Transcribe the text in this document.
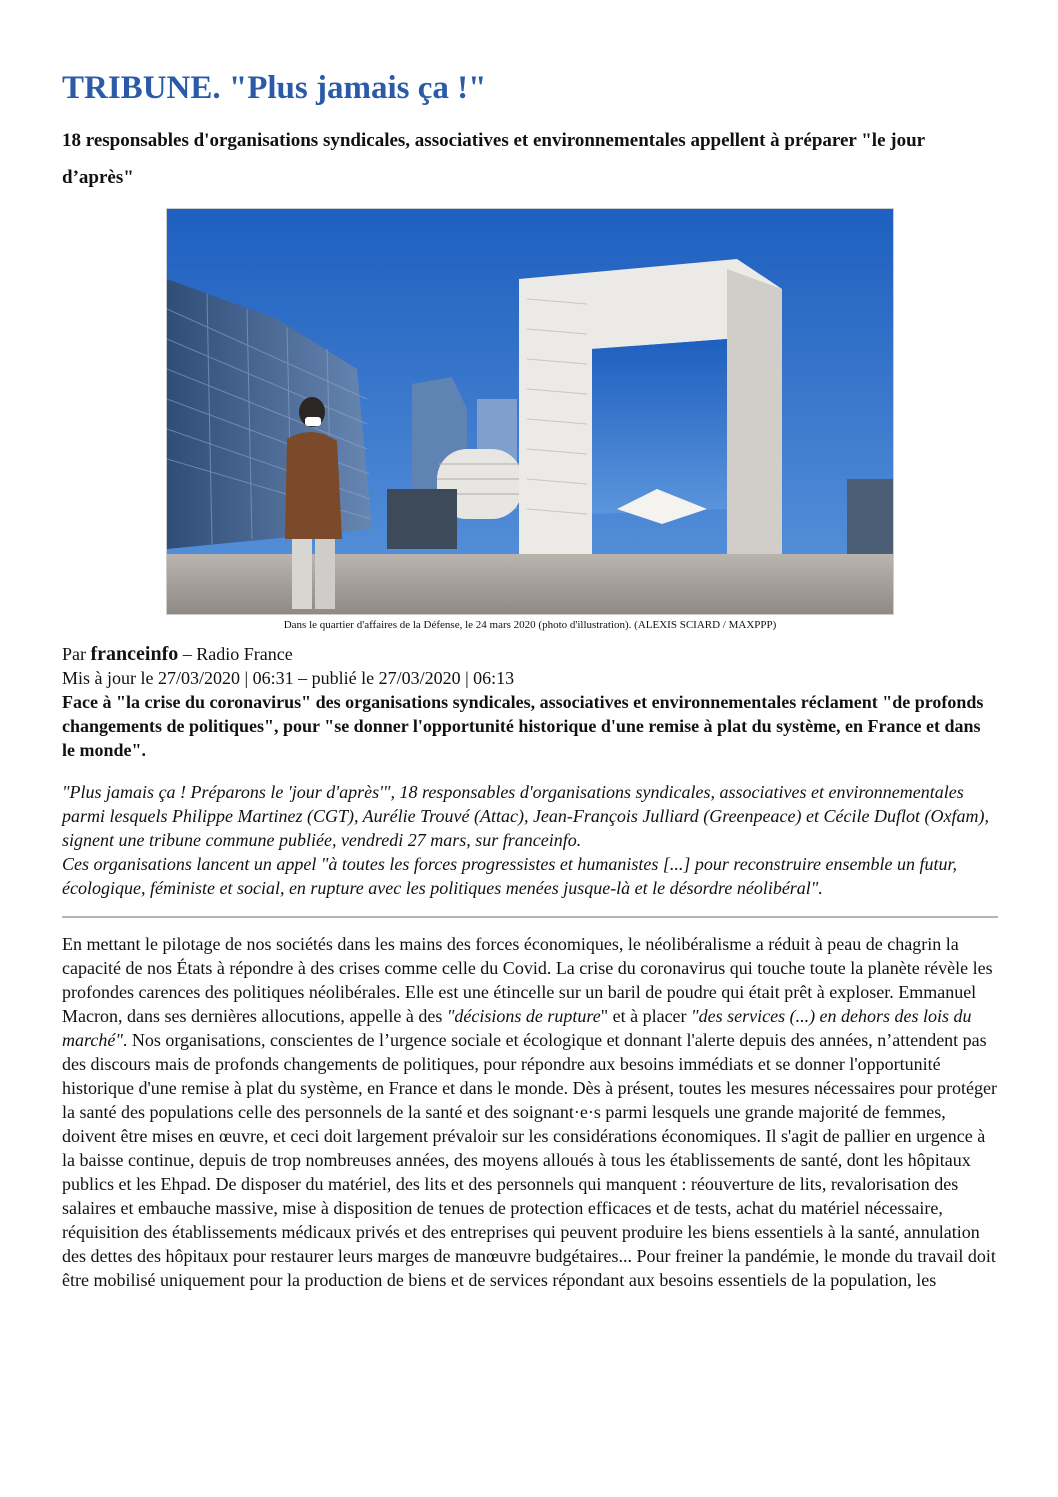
TRIBUNE. "Plus jamais ça !"

18 responsables d'organisations syndicales, associatives et environnementales appellent à préparer "le jour d’après"

Dans le quartier d'affaires de la Défense, le 24 mars 2020 (photo d'illustration). (ALEXIS SCIARD / MAXPPP)
Par franceinfo – Radio France
Mis à jour le 27/03/2020 | 06:31 – publié le 27/03/2020 | 06:13

Face à "la crise du coronavirus" des organisations syndicales, associatives et environnementales réclament "de profonds changements de politiques", pour "se donner l'opportunité historique d'une remise à plat du système, en France et dans le monde".

"Plus jamais ça ! Préparons le 'jour d'après'", 18 responsables d'organisations syndicales, associatives et environnementales parmi lesquels Philippe Martinez (CGT), Aurélie Trouvé (Attac), Jean-François Julliard (Greenpeace) et Cécile Duflot (Oxfam), signent une tribune commune publiée, vendredi 27 mars, sur franceinfo.

Ces organisations lancent un appel "à toutes les forces progressistes et humanistes [...] pour reconstruire ensemble un futur, écologique, féministe et social, en rupture avec les politiques menées jusque-là et le désordre néolibéral".

En mettant le pilotage de nos sociétés dans les mains des forces économiques, le néolibéralisme a réduit à peau de chagrin la capacité de nos États à répondre à des crises comme celle du Covid. La crise du coronavirus qui touche toute la planète révèle les profondes carences des politiques néolibérales. Elle est une étincelle sur un baril de poudre qui était prêt à exploser. Emmanuel Macron, dans ses dernières allocutions, appelle à des "décisions de rupture" et à placer "des services (...) en dehors des lois du marché". Nos organisations, conscientes de l’urgence sociale et écologique et donnant l'alerte depuis des années, n’attendent pas des discours mais de profonds changements de politiques, pour répondre aux besoins immédiats et se donner l'opportunité historique d'une remise à plat du système, en France et dans le monde. Dès à présent, toutes les mesures nécessaires pour protéger la santé des populations celle des personnels de la santé et des soignant·e·s parmi lesquels une grande majorité de femmes, doivent être mises en œuvre, et ceci doit largement prévaloir sur les considérations économiques. Il s'agit de pallier en urgence à la baisse continue, depuis de trop nombreuses années, des moyens alloués à tous les établissements de santé, dont les hôpitaux publics et les Ehpad. De disposer du matériel, des lits et des personnels qui manquent : réouverture de lits, revalorisation des salaires et embauche massive, mise à disposition de tenues de protection efficaces et de tests, achat du matériel nécessaire, réquisition des établissements médicaux privés et des entreprises qui peuvent produire les biens essentiels à la santé, annulation des dettes des hôpitaux pour restaurer leurs marges de manœuvre budgétaires... Pour freiner la pandémie, le monde du travail doit être mobilisé uniquement pour la production de biens et de services répondant aux besoins essentiels de la population, les
